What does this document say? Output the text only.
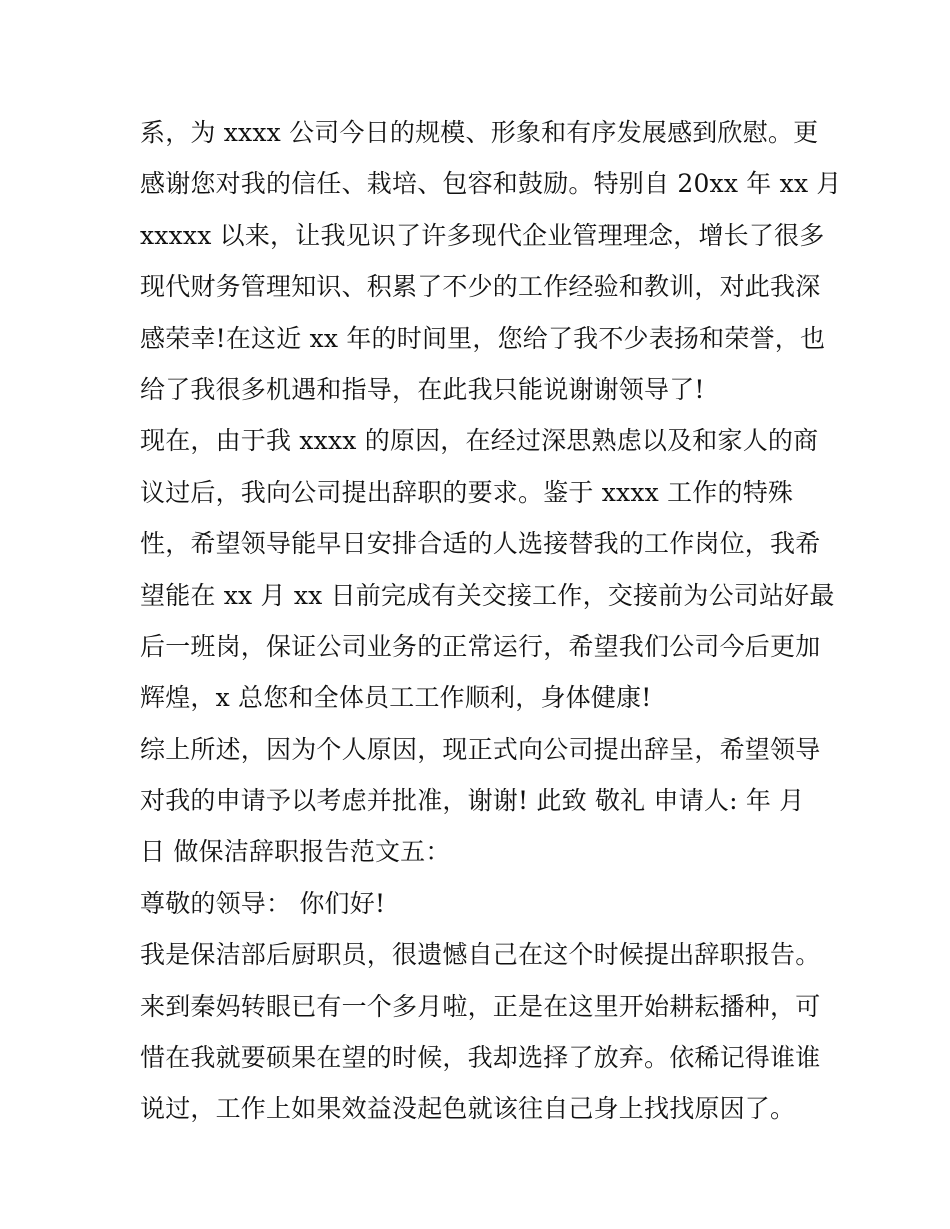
系，为 xxxx 公司今日的规模、形象和有序发展感到欣慰。更
感谢您对我的信任、栽培、包容和鼓励。特别自 20xx 年 xx 月
xxxxx 以来，让我见识了许多现代企业管理理念，增长了很多
现代财务管理知识、积累了不少的工作经验和教训，对此我深
感荣幸!在这近 xx 年的时间里，您给了我不少表扬和荣誉，也
给了我很多机遇和指导，在此我只能说谢谢领导了!
现在，由于我 xxxx 的原因，在经过深思熟虑以及和家人的商
议过后，我向公司提出辞职的要求。鉴于 xxxx 工作的特殊
性，希望领导能早日安排合适的人选接替我的工作岗位，我希
望能在 xx 月 xx 日前完成有关交接工作，交接前为公司站好最
后一班岗，保证公司业务的正常运行，希望我们公司今后更加
辉煌，x 总您和全体员工工作顺利，身体健康!
综上所述，因为个人原因，现正式向公司提出辞呈，希望领导
对我的申请予以考虑并批准，谢谢! 此致 敬礼 申请人: 年 月
日 做保洁辞职报告范文五：
尊敬的领导： 你们好!
我是保洁部后厨职员，很遗憾自己在这个时候提出辞职报告。
来到秦妈转眼已有一个多月啦，正是在这里开始耕耘播种，可
惜在我就要硕果在望的时候，我却选择了放弃。依稀记得谁谁
说过，工作上如果效益没起色就该往自己身上找找原因了。
